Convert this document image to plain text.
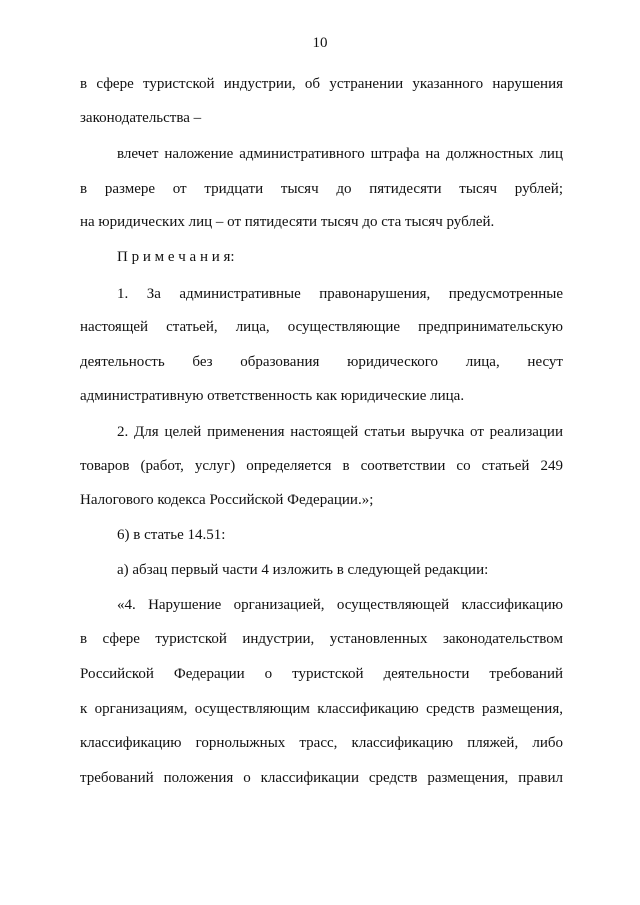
10
в сфере туристской индустрии, об устранении указанного нарушения
законодательства –
влечет наложение административного штрафа на должностных лиц
в размере от тридцати тысяч до пятидесяти тысяч рублей;
на юридических лиц – от пятидесяти тысяч до ста тысяч рублей.
П р и м е ч а н и я:
1. За административные правонарушения, предусмотренные
настоящей статьей, лица, осуществляющие предпринимательскую
деятельность без образования юридического лица, несут
административную ответственность как юридические лица.
2. Для целей применения настоящей статьи выручка от реализации
товаров (работ, услуг) определяется в соответствии со статьей 249
Налогового кодекса Российской Федерации.»;
6) в статье 14.51:
а) абзац первый части 4 изложить в следующей редакции:
«4. Нарушение организацией, осуществляющей классификацию
в сфере туристской индустрии, установленных законодательством
Российской Федерации о туристской деятельности требований
к организациям, осуществляющим классификацию средств размещения,
классификацию горнолыжных трасс, классификацию пляжей, либо
требований положения о классификации средств размещения, правил
